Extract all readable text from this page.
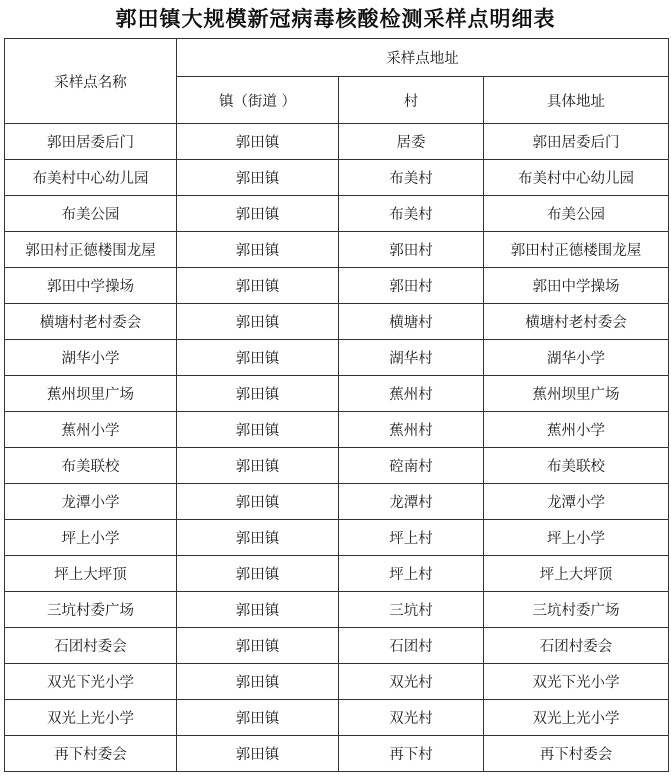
郭田镇大规模新冠病毒核酸检测采样点明细表
采样点名称	采样点地址		
	镇（街道 ）	村	具体地址
郭田居委后门	郭田镇	居委	郭田居委后门
布美村中心幼儿园	郭田镇	布美村	布美村中心幼儿园
布美公园	郭田镇	布美村	布美公园
郭田村正德楼围龙屋	郭田镇	郭田村	郭田村正德楼围龙屋
郭田中学操场	郭田镇	郭田村	郭田中学操场
横塘村老村委会	郭田镇	横塘村	横塘村老村委会
湖华小学	郭田镇	湖华村	湖华小学
蕉州坝里广场	郭田镇	蕉州村	蕉州坝里广场
蕉州小学	郭田镇	蕉州村	蕉州小学
布美联校	郭田镇	硿南村	布美联校
龙潭小学	郭田镇	龙潭村	龙潭小学
坪上小学	郭田镇	坪上村	坪上小学
坪上大坪顶	郭田镇	坪上村	坪上大坪顶
三坑村委广场	郭田镇	三坑村	三坑村委广场
石团村委会	郭田镇	石团村	石团村委会
双光下光小学	郭田镇	双光村	双光下光小学
双光上光小学	郭田镇	双光村	双光上光小学
再下村委会	郭田镇	再下村	再下村委会
